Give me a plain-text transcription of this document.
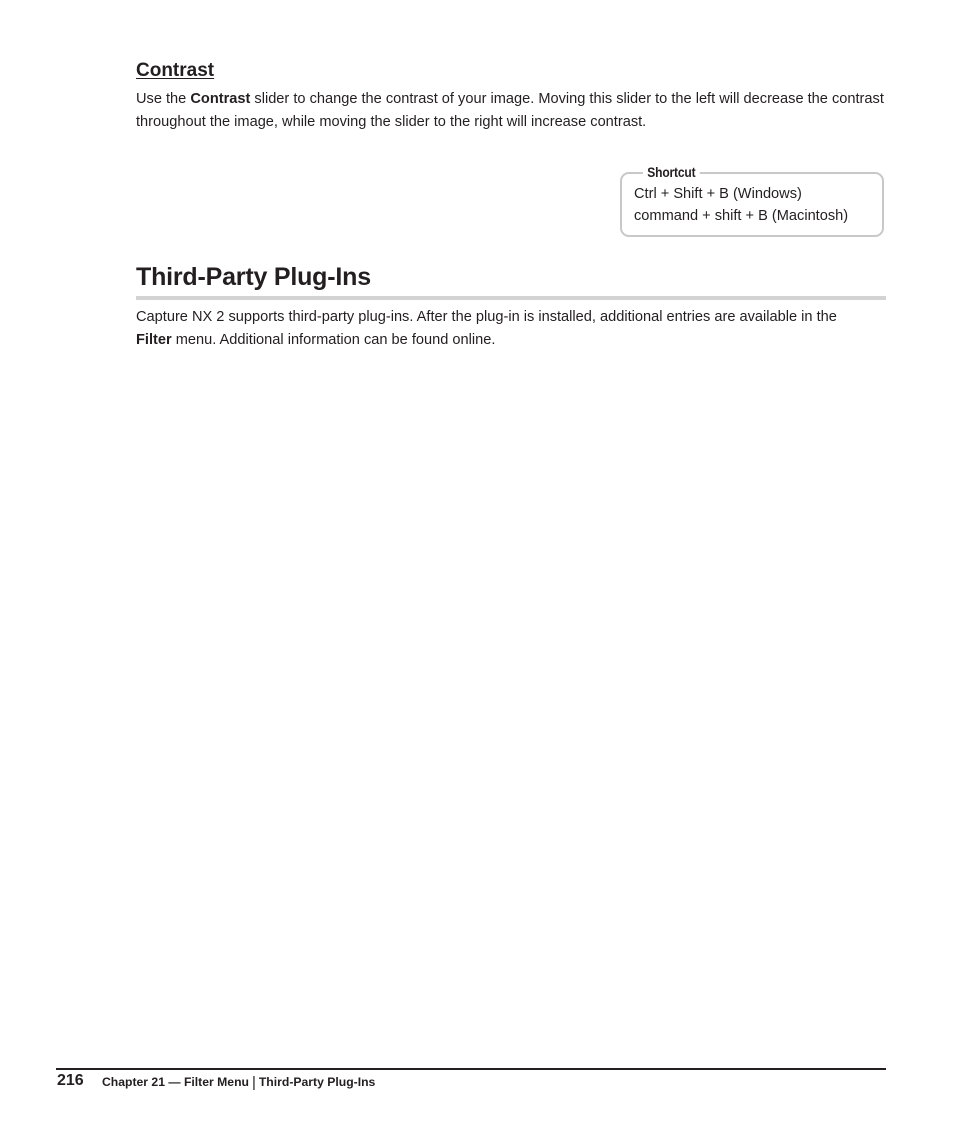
Contrast

Use the Contrast slider to change the contrast of your image. Moving this slider to the left will decrease the contrast throughout the image, while moving the slider to the right will increase contrast.

Shortcut
Ctrl + Shift + B (Windows)
command + shift + B (Macintosh)
Third-Party Plug-Ins

Capture NX 2 supports third-party plug-ins. After the plug-in is installed, additional entries are available in the Filter menu. Additional information can be found online.

216 Chapter 21 — Filter Menu | Third-Party Plug-Ins
